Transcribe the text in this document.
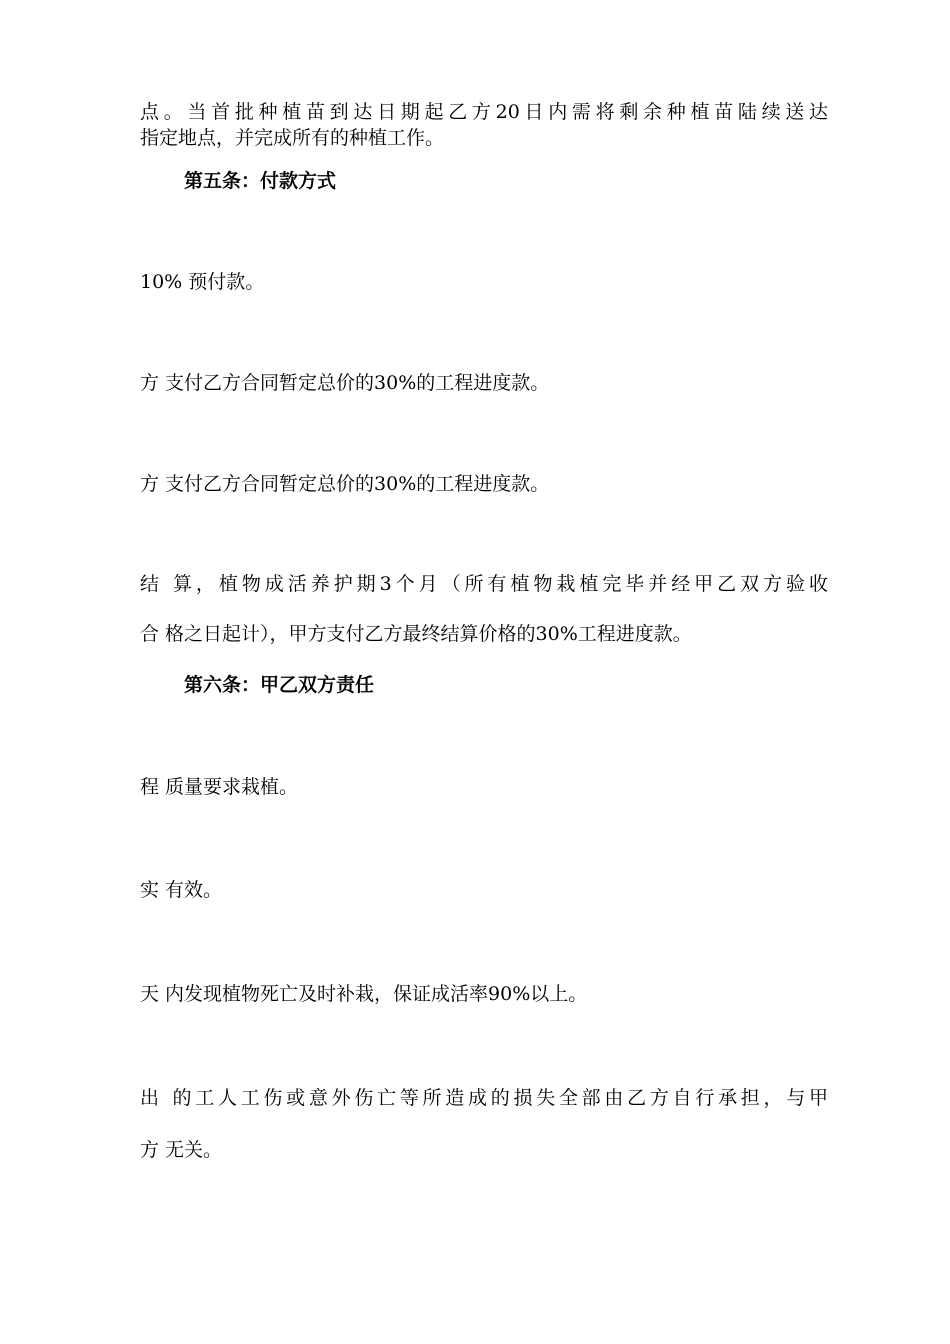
点。当首批种植苗到达日期起乙方20日内需将剩余种植苗陆续送达
指定地点，并完成所有的种植工作。
第五条：付款方式
10% 预付款。
方 支付乙方合同暂定总价的30%的工程进度款。
方 支付乙方合同暂定总价的30%的工程进度款。
结 算，植物成活养护期3个月（所有植物栽植完毕并经甲乙双方验收
合 格之日起计），甲方支付乙方最终结算价格的30%工程进度款。
第六条：甲乙双方责任
程 质量要求栽植。
实 有效。
天 内发现植物死亡及时补栽，保证成活率90%以上。
出 的工人工伤或意外伤亡等所造成的损失全部由乙方自行承担，与甲
方 无关。
